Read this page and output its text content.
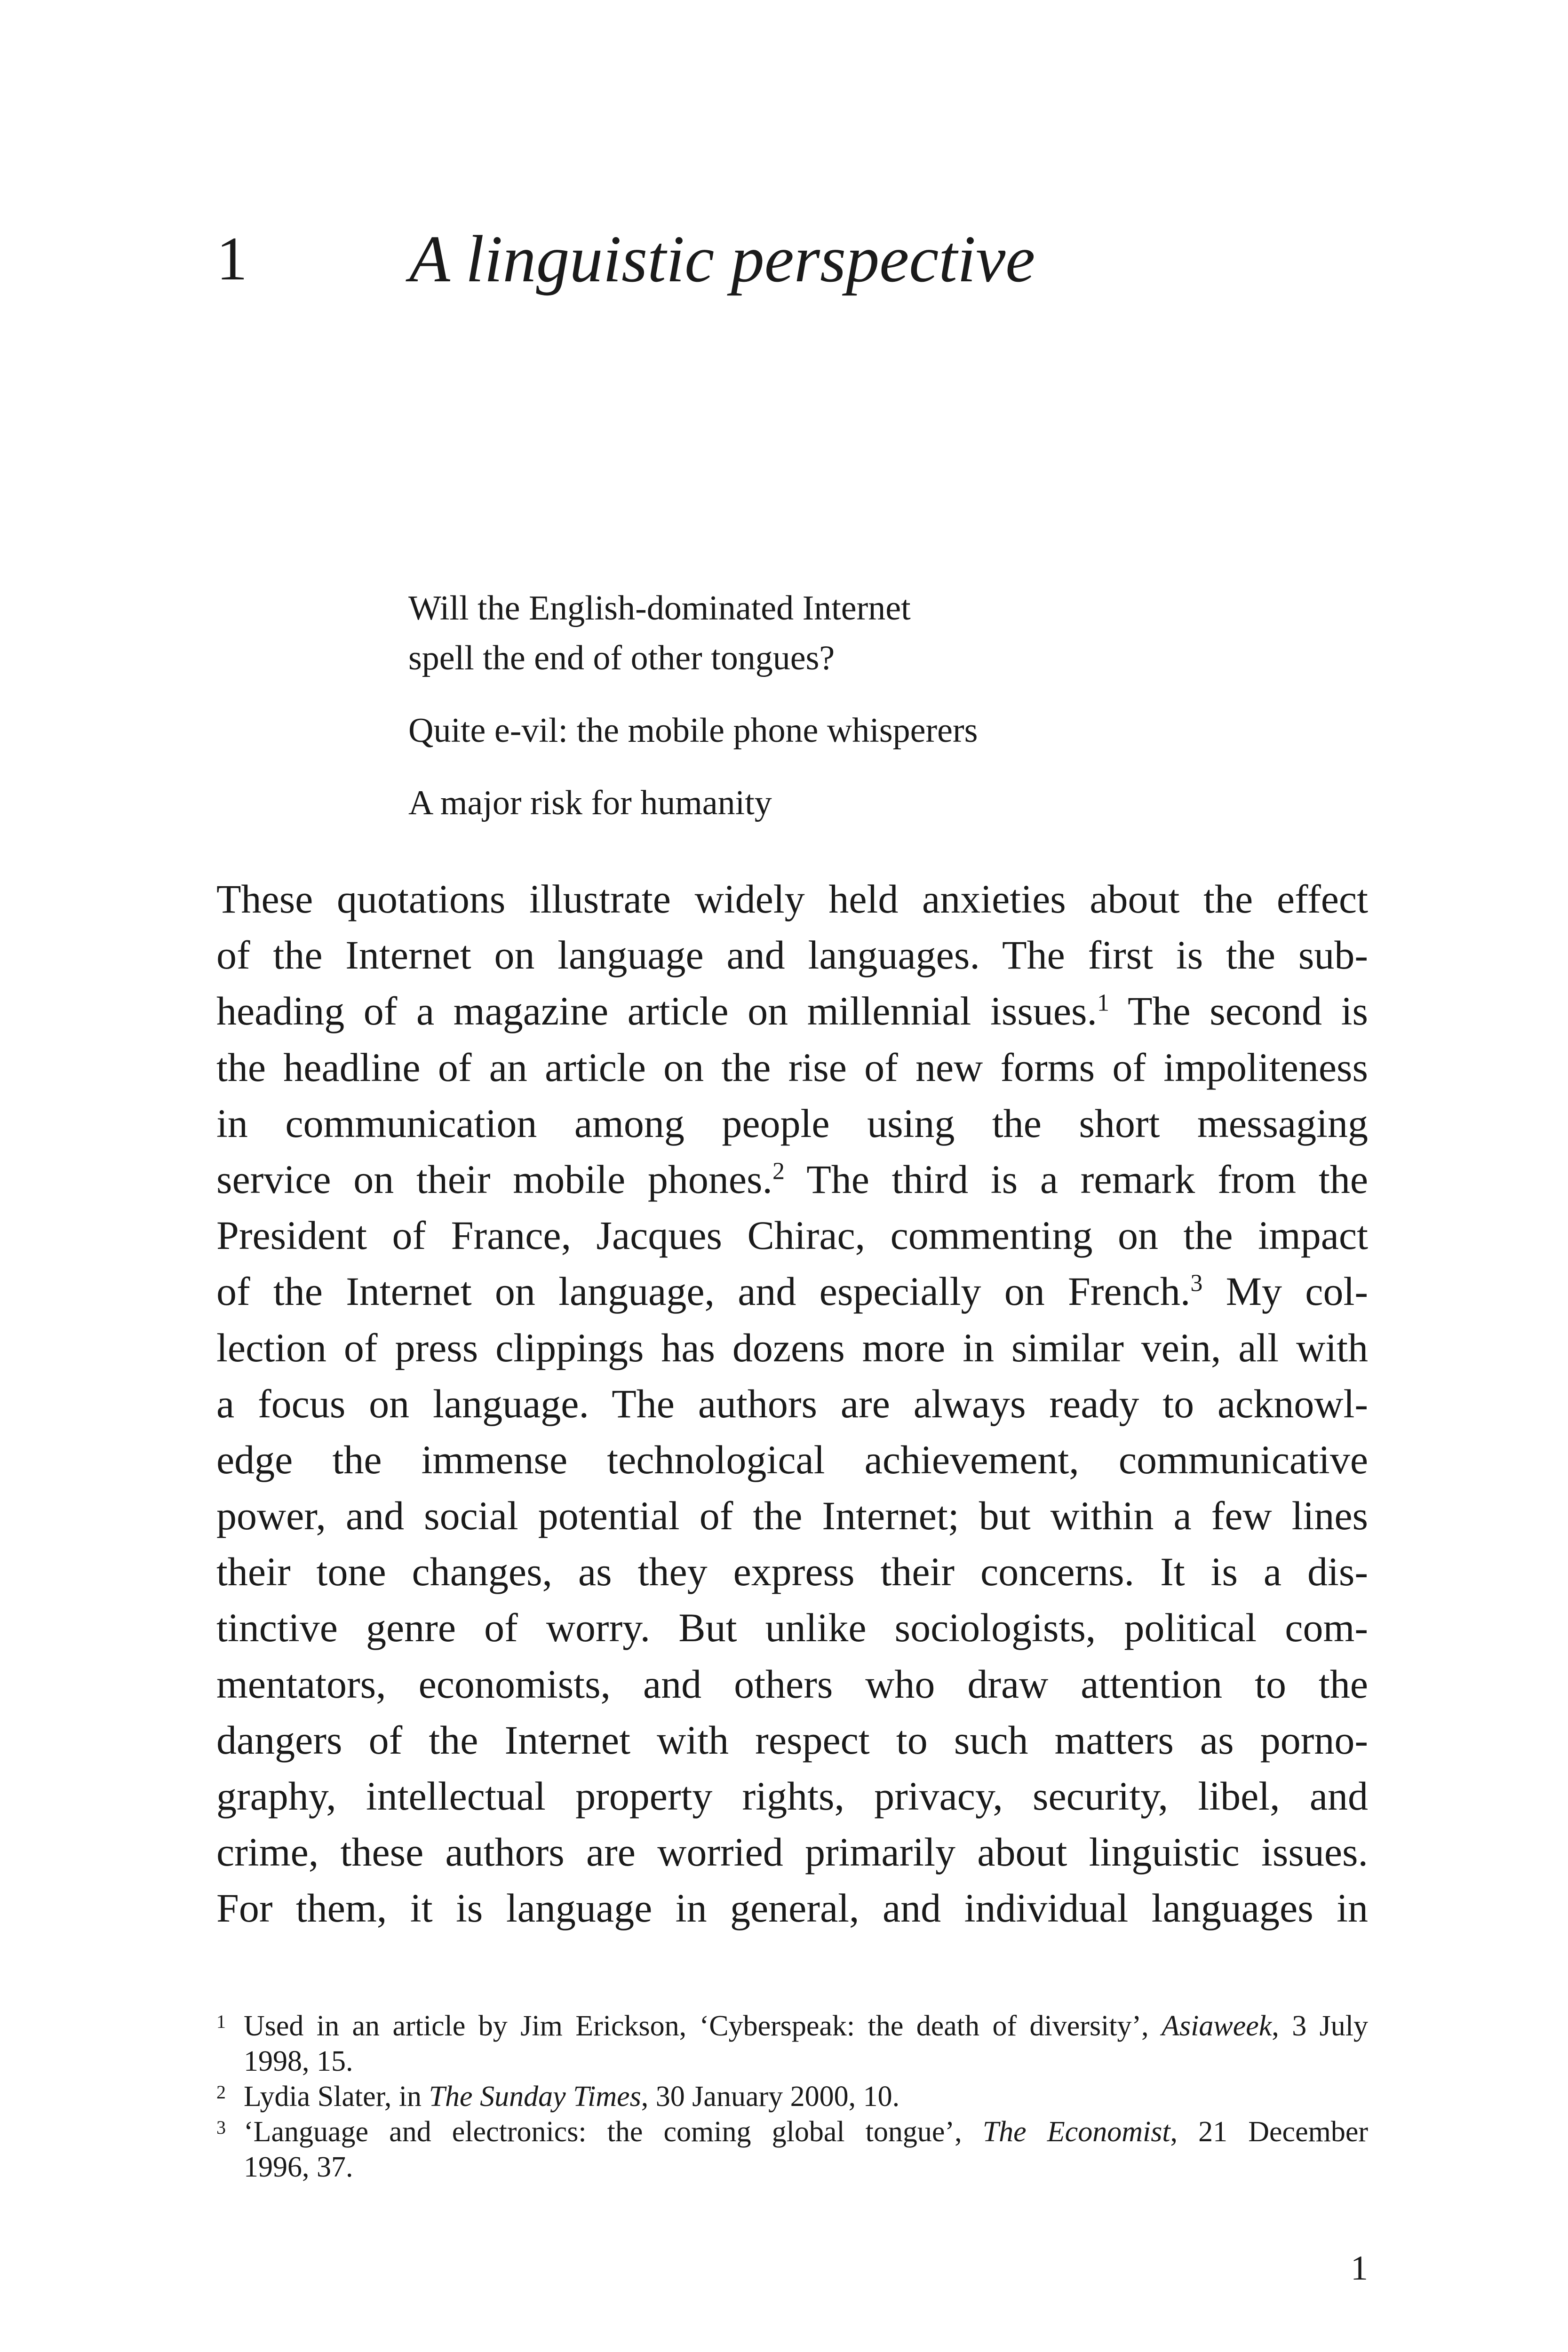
1 A linguistic perspective

Will the English-dominated Internet

spell the end of other tongues?

Quite e-vil: the mobile phone whisperers

A major risk for humanity

These quotations illustrate widely held anxieties about the effect
of the Internet on language and languages. The first is the sub-
heading of a magazine article on millennial issues.$^1$ The second is
the headline of an article on the rise of new forms of impoliteness
in communication among people using the short messaging
service on their mobile phones.$^2$ The third is a remark from the
President of France, Jacques Chirac, commenting on the impact
of the Internet on language, and especially on French.$^3$ My col-
lection of press clippings has dozens more in similar vein, all with
a focus on language. The authors are always ready to acknowl-
edge the immense technological achievement, communicative
power, and social potential of the Internet; but within a few lines
their tone changes, as they express their concerns. It is a dis-
tinctive genre of worry. But unlike sociologists, political com-
mentators, economists, and others who draw attention to the
dangers of the Internet with respect to such matters as porno-
graphy, intellectual property rights, privacy, security, libel, and
crime, these authors are worried primarily about linguistic issues.
For them, it is language in general, and individual languages in
1 Used in an article by Jim Erickson, ‘Cyberspeak: the death of diversity’, Asiaweek, 3 July
1998, 15.
2 Lydia Slater, in The Sunday Times, 30 January 2000, 10.
3 ‘Language and electronics: the coming global tongue’, The Economist, 21 December
1996, 37.
1
